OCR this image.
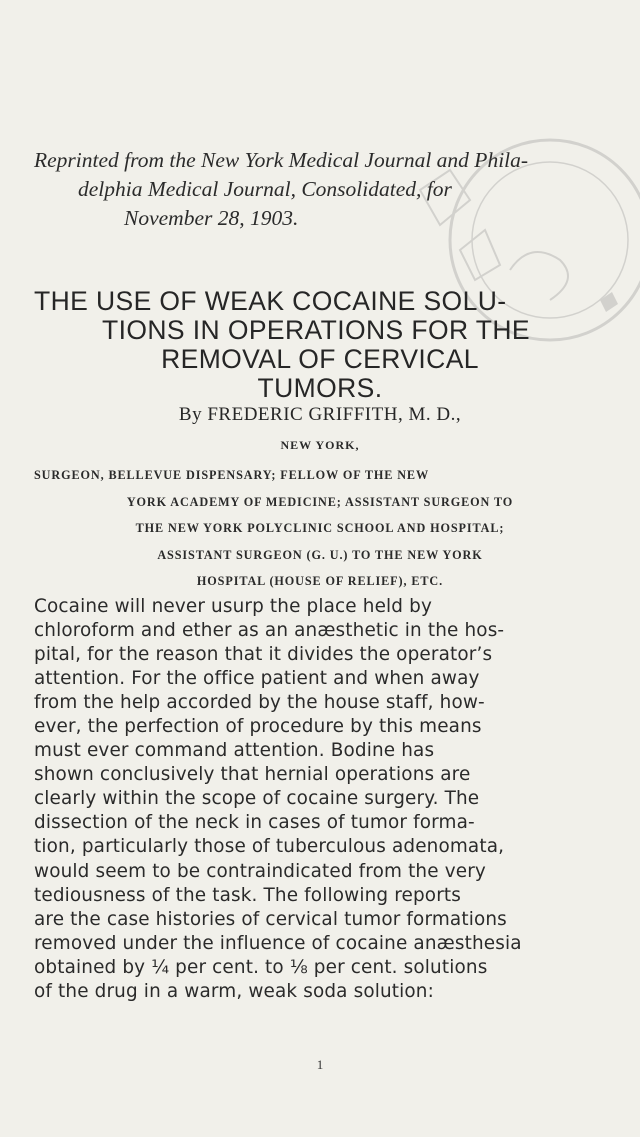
Reprinted from the New York Medical Journal and Phila-
delphia Medical Journal, Consolidated, for
November 28, 1903.
THE USE OF WEAK COCAINE SOLU-
TIONS IN OPERATIONS FOR THE
REMOVAL OF CERVICAL
TUMORS.
By FREDERIC GRIFFITH, M. D.,
NEW YORK,
SURGEON, BELLEVUE DISPENSARY; FELLOW OF THE NEW
YORK ACADEMY OF MEDICINE; ASSISTANT SURGEON TO
THE NEW YORK POLYCLINIC SCHOOL AND HOSPITAL;
ASSISTANT SURGEON (G. U.) TO THE NEW YORK
HOSPITAL (HOUSE OF RELIEF), ETC.
Cocaine will never usurp the place held by
chloroform and ether as an anæsthetic in the hos-
pital, for the reason that it divides the operator’s
attention. For the office patient and when away
from the help accorded by the house staff, how-
ever, the perfection of procedure by this means
must ever command attention. Bodine has
shown conclusively that hernial operations are
clearly within the scope of cocaine surgery. The
dissection of the neck in cases of tumor forma-
tion, particularly those of tuberculous adenomata,
would seem to be contraindicated from the very
tediousness of the task. The following reports
are the case histories of cervical tumor formations
removed under the influence of cocaine anæsthesia
obtained by ¼ per cent. to ⅛ per cent. solutions
of the drug in a warm, weak soda solution:
1
